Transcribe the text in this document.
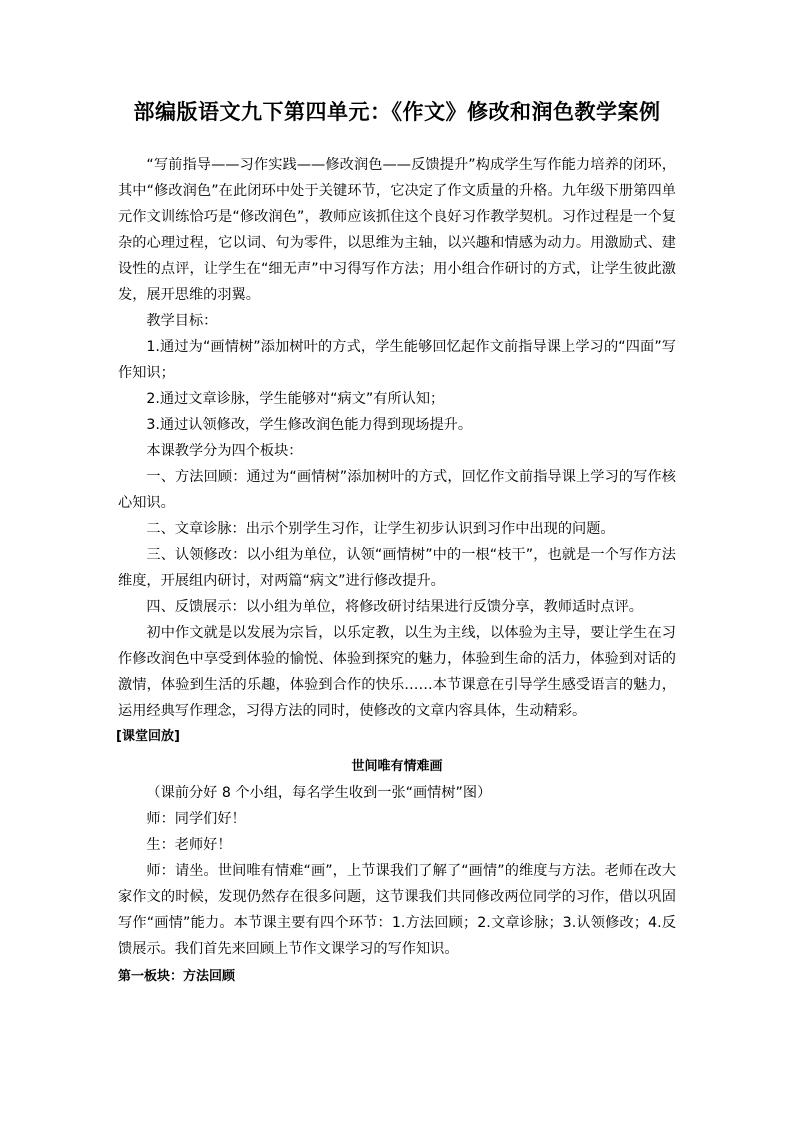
部编版语文九下第四单元：《作文》修改和润色教学案例

“写前指导——习作实践——修改润色——反馈提升”构成学生写作能力培养的闭环，其中“修改润色”在此闭环中处于关键环节，它决定了作文质量的升格。九年级下册第四单元作文训练恰巧是“修改润色”，教师应该抓住这个良好习作教学契机。习作过程是一个复杂的心理过程，它以词、句为零件，以思维为主轴，以兴趣和情感为动力。用激励式、建设性的点评，让学生在“细无声”中习得写作方法；用小组合作研讨的方式，让学生彼此激发，展开思维的羽翼。

教学目标：

1.通过为“画情树”添加树叶的方式，学生能够回忆起作文前指导课上学习的“四面”写作知识；

2.通过文章诊脉，学生能够对“病文”有所认知；

3.通过认领修改，学生修改润色能力得到现场提升。

本课教学分为四个板块：

一、方法回顾：通过为“画情树”添加树叶的方式，回忆作文前指导课上学习的写作核心知识。

二、文章诊脉：出示个别学生习作，让学生初步认识到习作中出现的问题。

三、认领修改：以小组为单位，认领“画情树”中的一根“枝干”，也就是一个写作方法维度，开展组内研讨，对两篇“病文”进行修改提升。

四、反馈展示：以小组为单位，将修改研讨结果进行反馈分享，教师适时点评。

初中作文就是以发展为宗旨，以乐定教，以生为主线，以体验为主导，要让学生在习作修改润色中享受到体验的愉悦、体验到探究的魅力，体验到生命的活力，体验到对话的激情，体验到生活的乐趣，体验到合作的快乐……本节课意在引导学生感受语言的魅力，运用经典写作理念，习得方法的同时，使修改的文章内容具体，生动精彩。

[课堂回放]

世间唯有情难画

（课前分好 8 个小组，每名学生收到一张“画情树”图）

师：同学们好！

生：老师好！

师：请坐。世间唯有情难“画”，上节课我们了解了“画情”的维度与方法。老师在改大家作文的时候，发现仍然存在很多问题，这节课我们共同修改两位同学的习作，借以巩固写作“画情”能力。本节课主要有四个环节：1.方法回顾；2.文章诊脉；3.认领修改；4.反馈展示。我们首先来回顾上节作文课学习的写作知识。

第一板块：方法回顾
